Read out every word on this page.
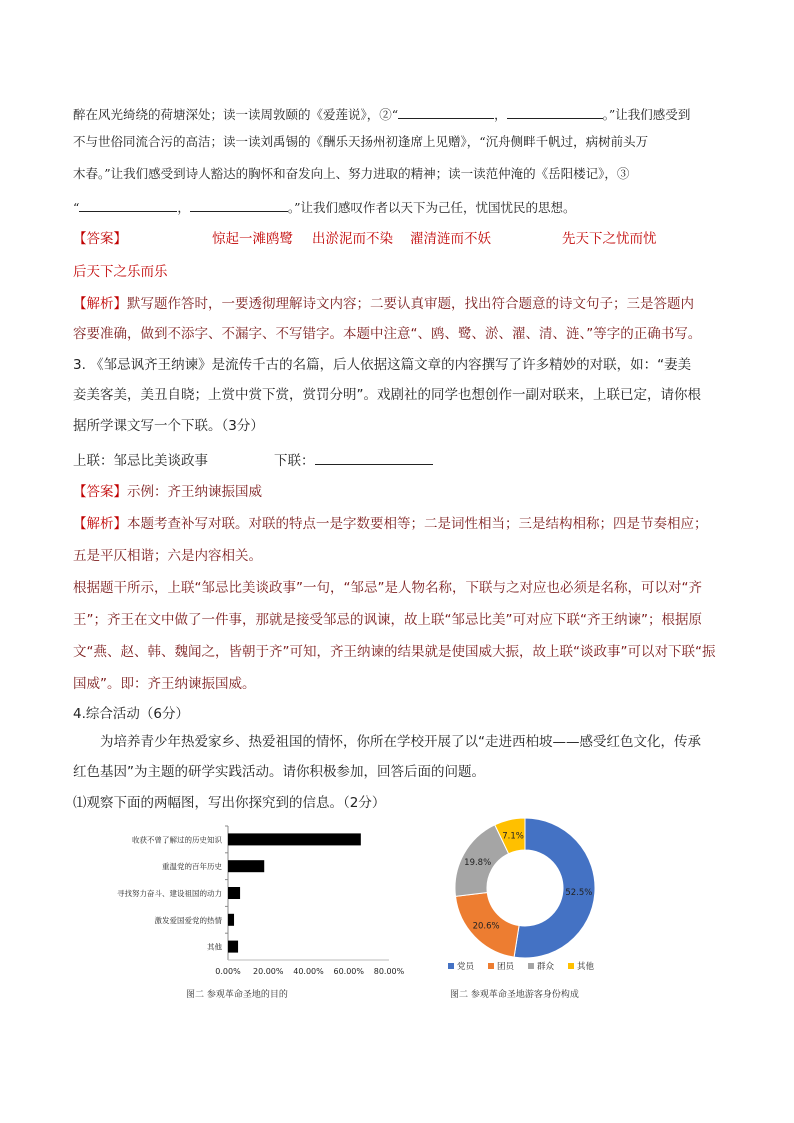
醉在风光绮绕的荷塘深处；读一读周敦颐的《爱莲说》，②“	，	。”让我们感受到
不与世俗同流合污的高洁；读一读刘禹锡的《酬乐天扬州初逢席上见赠》，“沉舟侧畔千帆过，病树前头万
木春。”让我们感受到诗人豁达的胸怀和奋发向上、努力进取的精神；读一读范仲淹的《岳阳楼记》，③
“	，	。”让我们感叹作者以天下为己任，忧国忧民的思想。
【答案】	惊起一滩鸥鹭 出淤泥而不染 濯清涟而不妖	先天下之忧而忧
后天下之乐而乐
【解析】默写题作答时，一要透彻理解诗文内容；二要认真审题，找出符合题意的诗文句子；三是答题内
容要准确，做到不添字、不漏字、不写错字。本题中注意“、鸥、鹭、淤、濯、清、涟、”等字的正确书写。
3. 《邹忌讽齐王纳谏》是流传千古的名篇，后人依据这篇文章的内容撰写了许多精妙的对联，如：“妻美
妾美客美，美丑自晓；上赏中赏下赏，赏罚分明”。戏剧社的同学也想创作一副对联来，上联已定，请你根
据所学课文写一个下联。（3分）
上联：邹忌比美谈政事	下联：
【答案】示例：齐王纳谏振国威
【解析】本题考查补写对联。对联的特点一是字数要相等；二是词性相当；三是结构相称；四是节奏相应；
五是平仄相谐；六是内容相关。
根据题干所示，上联“邹忌比美谈政事”一句，“邹忌”是人物名称，下联与之对应也必须是名称，可以对“齐
王”；齐王在文中做了一件事，那就是接受邹忌的讽谏，故上联“邹忌比美”可对应下联“齐王纳谏”；根据原
文“燕、赵、韩、魏闻之，皆朝于齐”可知，齐王纳谏的结果就是使国威大振，故上联“谈政事”可以对下联“振
国威”。即：齐王纳谏振国威。
4.综合活动（6分）
为培养青少年热爱家乡、热爱祖国的情怀，你所在学校开展了以“走进西柏坡——感受红色文化，传承
红色基因”为主题的研学实践活动。请你积极参加，回答后面的问题。
⑴观察下面的两幅图，写出你探究到的信息。（2分）
收获不曾了解过的历史知识
重温党的百年历史
寻找努力奋斗、建设祖国的动力
激发爱国爱党的热情
其他
0.00% 20.00% 40.00% 60.00% 80.00%
图二 参观革命圣地的目的
52.5%
20.6%
19.8%
7.1%
党员	团员	群众	其他
图二 参观革命圣地游客身份构成
